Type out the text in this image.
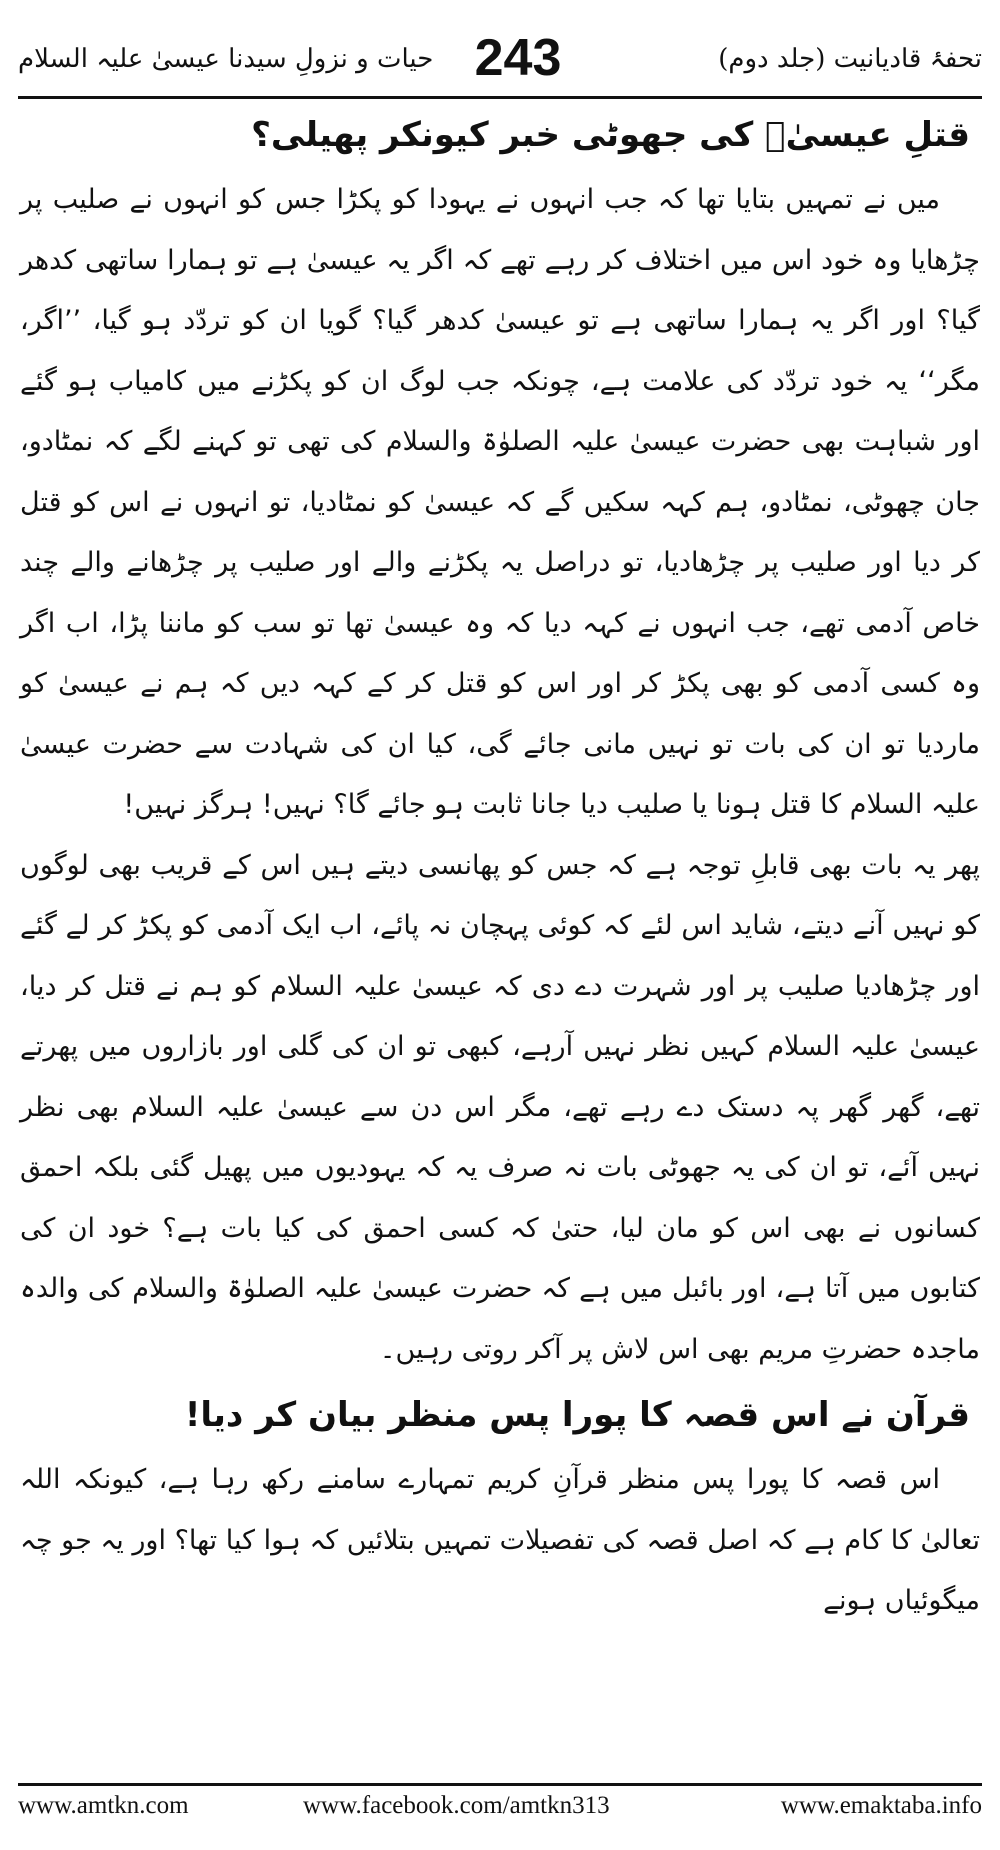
حیات و نزولِ سیدنا عیسیٰ علیہ السلام 243	تحفۂ قادیانیت (جلد دوم)
قتلِ عیسیٰؑ کی جھوٹی خبر کیونکر پھیلی؟

میں نے تمہیں بتایا تھا کہ جب انہوں نے یہودا کو پکڑا جس کو انہوں نے صلیب پر چڑھایا وہ خود اس میں اختلاف کر رہے تھے کہ اگر یہ عیسیٰ ہے تو ہمارا ساتھی کدھر گیا؟ اور اگر یہ ہمارا ساتھی ہے تو عیسیٰ کدھر گیا؟ گویا ان کو تردّد ہو گیا، ’’اگر، مگر‘‘ یہ خود تردّد کی علامت ہے، چونکہ جب لوگ ان کو پکڑنے میں کامیاب ہو گئے اور شباہت بھی حضرت عیسیٰ علیہ الصلوٰۃ والسلام کی تھی تو کہنے لگے کہ نمٹادو، جان چھوٹی، نمٹادو، ہم کہہ سکیں گے کہ عیسیٰ کو نمٹادیا، تو انہوں نے اس کو قتل کر دیا اور صلیب پر چڑھادیا، تو دراصل یہ پکڑنے والے اور صلیب پر چڑھانے والے چند خاص آدمی تھے، جب انہوں نے کہہ دیا کہ وہ عیسیٰ تھا تو سب کو ماننا پڑا، اب اگر وہ کسی آدمی کو بھی پکڑ کر اور اس کو قتل کر کے کہہ دیں کہ ہم نے عیسیٰ کو ماردیا تو ان کی بات تو نہیں مانی جائے گی، کیا ان کی شہادت سے حضرت عیسیٰ علیہ السلام کا قتل ہونا یا صلیب دیا جانا ثابت ہو جائے گا؟ نہیں! ہرگز نہیں!

پھر یہ بات بھی قابلِ توجہ ہے کہ جس کو پھانسی دیتے ہیں اس کے قریب بھی لوگوں کو نہیں آنے دیتے، شاید اس لئے کہ کوئی پہچان نہ پائے، اب ایک آدمی کو پکڑ کر لے گئے اور چڑھادیا صلیب پر اور شہرت دے دی کہ عیسیٰ علیہ السلام کو ہم نے قتل کر دیا، عیسیٰ علیہ السلام کہیں نظر نہیں آرہے، کبھی تو ان کی گلی اور بازاروں میں پھرتے تھے، گھر گھر پہ دستک دے رہے تھے، مگر اس دن سے عیسیٰ علیہ السلام بھی نظر نہیں آئے، تو ان کی یہ جھوٹی بات نہ صرف یہ کہ یہودیوں میں پھیل گئی بلکہ احمق کسانوں نے بھی اس کو مان لیا، حتیٰ کہ کسی احمق کی کیا بات ہے؟ خود ان کی کتابوں میں آتا ہے، اور بائبل میں ہے کہ حضرت عیسیٰ علیہ الصلوٰۃ والسلام کی والدہ ماجدہ حضرتِ مریم بھی اس لاش پر آکر روتی رہیں۔

قرآن نے اس قصہ کا پورا پس منظر بیان کر دیا!

اس قصہ کا پورا پس منظر قرآنِ کریم تمہارے سامنے رکھ رہا ہے، کیونکہ اللہ تعالیٰ کا کام ہے کہ اصل قصہ کی تفصیلات تمہیں بتلائیں کہ ہوا کیا تھا؟ اور یہ جو چہ میگوئیاں ہونے

www.amtkn.com	www.facebook.com/amtkn313	www.emaktaba.info
